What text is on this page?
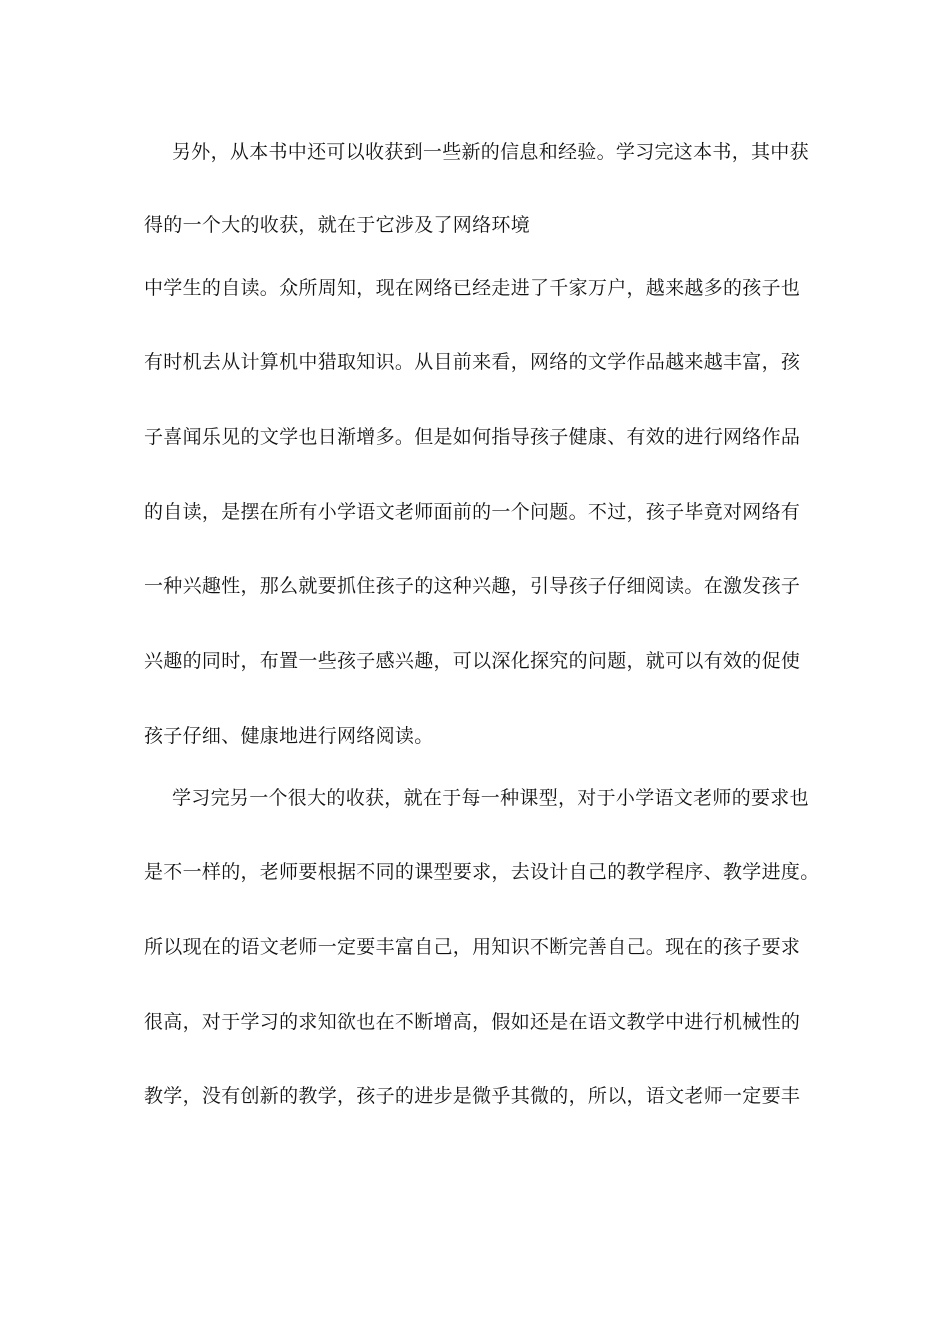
另外，从本书中还可以收获到一些新的信息和经验。学习完这本书，其中获
得的一个大的收获，就在于它涉及了网络环境
中学生的自读。众所周知，现在网络已经走进了千家万户，越来越多的孩子也
有时机去从计算机中猎取知识。从目前来看，网络的文学作品越来越丰富，孩
子喜闻乐见的文学也日渐增多。但是如何指导孩子健康、有效的进行网络作品
的自读，是摆在所有小学语文老师面前的一个问题。不过，孩子毕竟对网络有
一种兴趣性，那么就要抓住孩子的这种兴趣，引导孩子仔细阅读。在激发孩子
兴趣的同时，布置一些孩子感兴趣，可以深化探究的问题，就可以有效的促使
孩子仔细、健康地进行网络阅读。
学习完另一个很大的收获，就在于每一种课型，对于小学语文老师的要求也
是不一样的，老师要根据不同的课型要求，去设计自己的教学程序、教学进度。
所以现在的语文老师一定要丰富自己，用知识不断完善自己。现在的孩子要求
很高，对于学习的求知欲也在不断增高，假如还是在语文教学中进行机械性的
教学，没有创新的教学，孩子的进步是微乎其微的，所以，语文老师一定要丰
